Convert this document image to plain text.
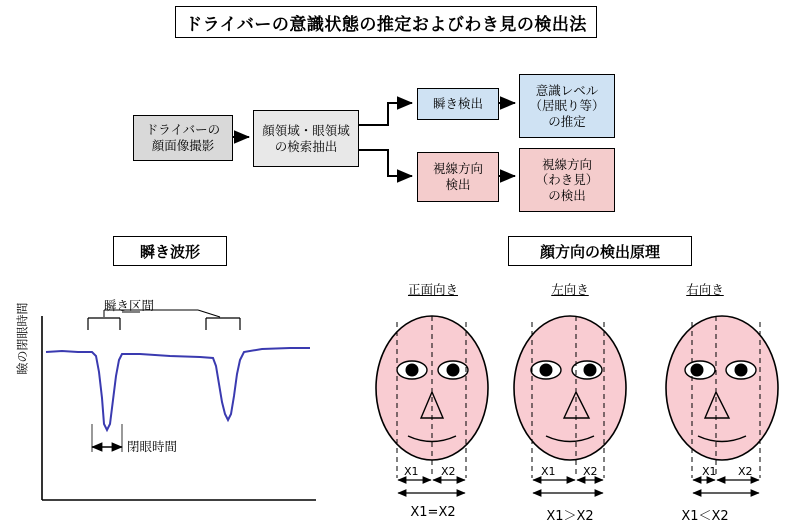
ドライバーの意識状態の推定およびわき見の検出法
ドライバーの
顔面像撮影
顔領域・眼領域
の検索抽出
瞬き検出
視線方向
検出
意識レベル
（居眠り等）
の推定
視線方向
（わき見）
の検出
瞬き波形	顔方向の検出原理
瞬き区間
閉眼時間
瞼の閉眼時間
正面向き	左向き	右向き
X1=X2	X1＞X2	X1＜X2
X1 X2	X1 X2	X1 X2
